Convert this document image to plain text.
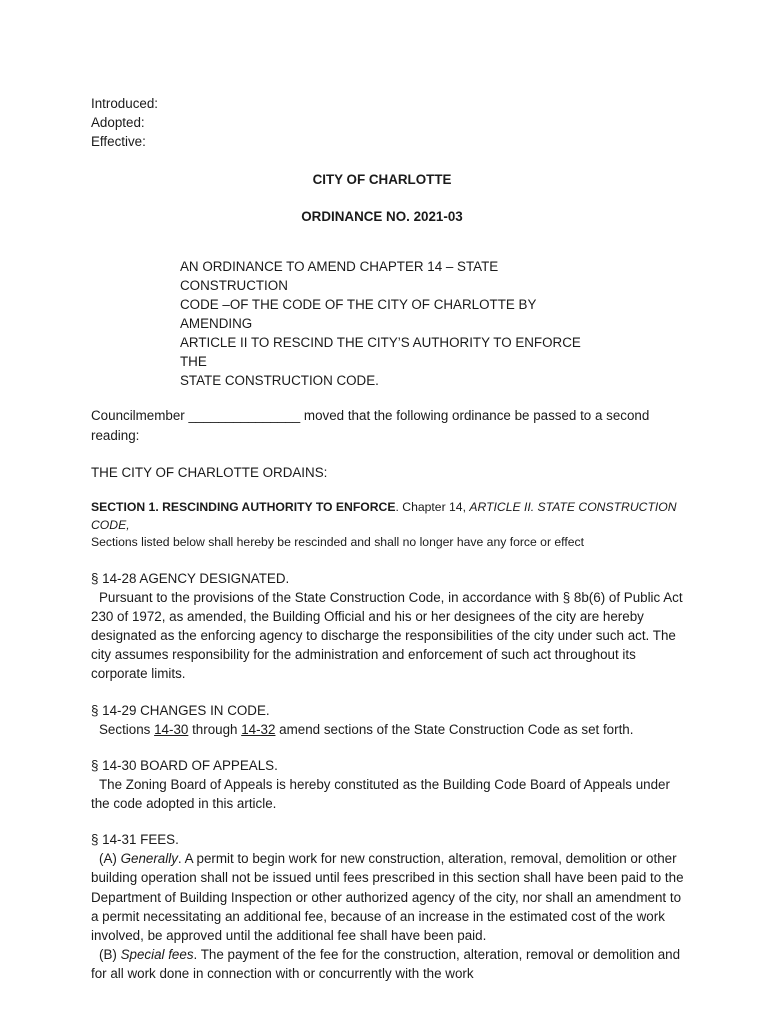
Introduced:
Adopted:
Effective:
CITY OF CHARLOTTE
ORDINANCE NO. 2021-03
AN ORDINANCE TO AMEND CHAPTER 14 – STATE CONSTRUCTION
CODE –OF THE CODE OF THE CITY OF CHARLOTTE BY AMENDING
ARTICLE II TO RESCIND THE CITY’S AUTHORITY TO ENFORCE THE
STATE CONSTRUCTION CODE.
Councilmember _______________ moved that the following ordinance be passed to a second reading:
THE CITY OF CHARLOTTE ORDAINS:
SECTION 1. RESCINDING AUTHORITY TO ENFORCE. Chapter 14, ARTICLE II. STATE CONSTRUCTION CODE,
Sections listed below shall hereby be rescinded and shall no longer have any force or effect
§ 14-28 AGENCY DESIGNATED.
Pursuant to the provisions of the State Construction Code, in accordance with § 8b(6) of Public Act 230 of 1972, as amended, the Building Official and his or her designees of the city are hereby designated as the enforcing agency to discharge the responsibilities of the city under such act. The city assumes responsibility for the administration and enforcement of such act throughout its corporate limits.
§ 14-29 CHANGES IN CODE.
Sections 14-30 through 14-32 amend sections of the State Construction Code as set forth.
§ 14-30 BOARD OF APPEALS.
The Zoning Board of Appeals is hereby constituted as the Building Code Board of Appeals under the code adopted in this article.
§ 14-31 FEES.
(A) Generally. A permit to begin work for new construction, alteration, removal, demolition or other building operation shall not be issued until fees prescribed in this section shall have been paid to the Department of Building Inspection or other authorized agency of the city, nor shall an amendment to a permit necessitating an additional fee, because of an increase in the estimated cost of the work involved, be approved until the additional fee shall have been paid.
(B) Special fees. The payment of the fee for the construction, alteration, removal or demolition and for all work done in connection with or concurrently with the work
